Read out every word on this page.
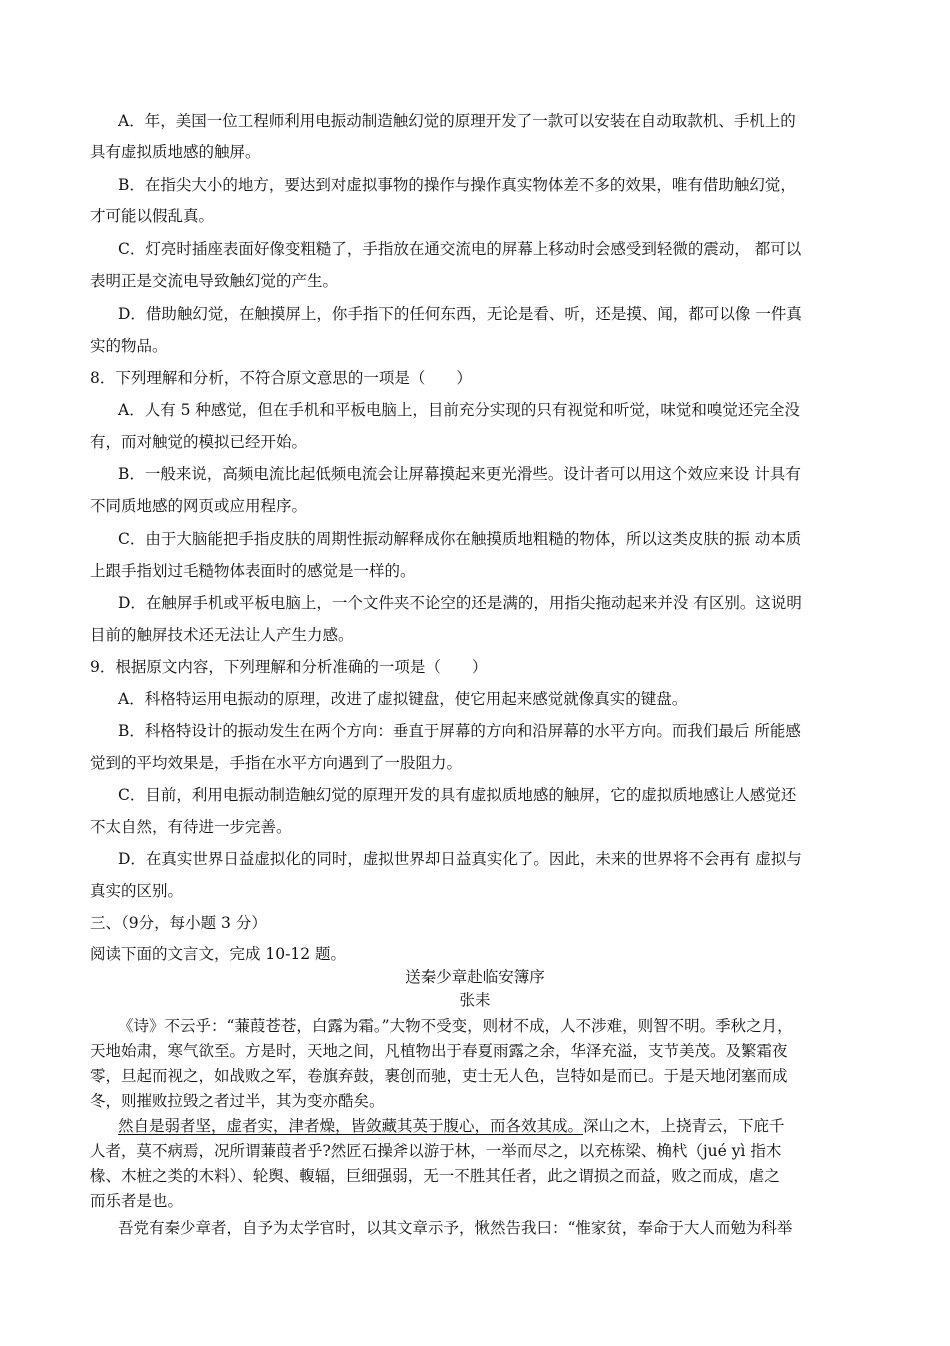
A．年，美国一位工程师利用电振动制造触幻觉的原理开发了一款可以安装在自动取款机、手机上的
具有虚拟质地感的触屏。
B．在指尖大小的地方，要达到对虚拟事物的操作与操作真实物体差不多的效果，唯有借助触幻觉，
才可能以假乱真。
C．灯亮时插座表面好像变粗糙了，手指放在通交流电的屏幕上移动时会感受到轻微的震动， 都可以
表明正是交流电导致触幻觉的产生。
D．借助触幻觉，在触摸屏上，你手指下的任何东西，无论是看、听，还是摸、闻，都可以像 一件真
实的物品。
8．下列理解和分析，不符合原文意思的一项是（　　）
A．人有 5 种感觉，但在手机和平板电脑上，目前充分实现的只有视觉和听觉，味觉和嗅觉还完全没
有，而对触觉的模拟已经开始。
B．一般来说，高频电流比起低频电流会让屏幕摸起来更光滑些。设计者可以用这个效应来设 计具有
不同质地感的网页或应用程序。
C．由于大脑能把手指皮肤的周期性振动解释成你在触摸质地粗糙的物体，所以这类皮肤的振 动本质
上跟手指划过毛糙物体表面时的感觉是一样的。
D．在触屏手机或平板电脑上，一个文件夹不论空的还是满的，用指尖拖动起来并没 有区别。这说明
目前的触屏技术还无法让人产生力感。
9．根据原文内容，下列理解和分析准确的一项是（　　）
A．科格特运用电振动的原理，改进了虚拟键盘，使它用起来感觉就像真实的键盘。
B．科格特设计的振动发生在两个方向：垂直于屏幕的方向和沿屏幕的水平方向。而我们最后 所能感
觉到的平均效果是，手指在水平方向遇到了一股阻力。
C．目前，利用电振动制造触幻觉的原理开发的具有虚拟质地感的触屏，它的虚拟质地感让人感觉还
不太自然，有待进一步完善。
D．在真实世界日益虚拟化的同时，虚拟世界却日益真实化了。因此，未来的世界将不会再有 虚拟与
真实的区别。
三、（9分，每小题 3 分）
阅读下面的文言文，完成 10-12 题。
送秦少章赴临安簿序
张耒
《诗》不云乎：“蒹葭苍苍，白露为霜。”大物不受变，则材不成，人不涉难，则智不明。季秋之月，
天地始肃，寒气欲至。方是时，天地之间，凡植物出于春夏雨露之余，华泽充溢，支节美茂。及繁霜夜
零，旦起而视之，如战败之军，卷旗弃鼓，裹创而驰，吏士无人色，岂特如是而已。于是天地闭塞而成
冬，则摧败拉毁之者过半，其为变亦酷矣。
然自是弱者坚，虚者实，津者燥，皆敛藏其英于腹心，而各效其成。深山之木，上挠青云，下庇千
人者，莫不病焉，况所谓蒹葭者乎?然匠石操斧以游于林，一举而尽之，以充栋梁、桷杙（jué yì 指木
椽、木桩之类的木料）、轮舆、輹辐，巨细强弱，无一不胜其任者，此之谓损之而益，败之而成，虐之
而乐者是也。
吾党有秦少章者，自予为太学官时，以其文章示予，愀然告我曰：“惟家贫，奉命于大人而勉为科举
